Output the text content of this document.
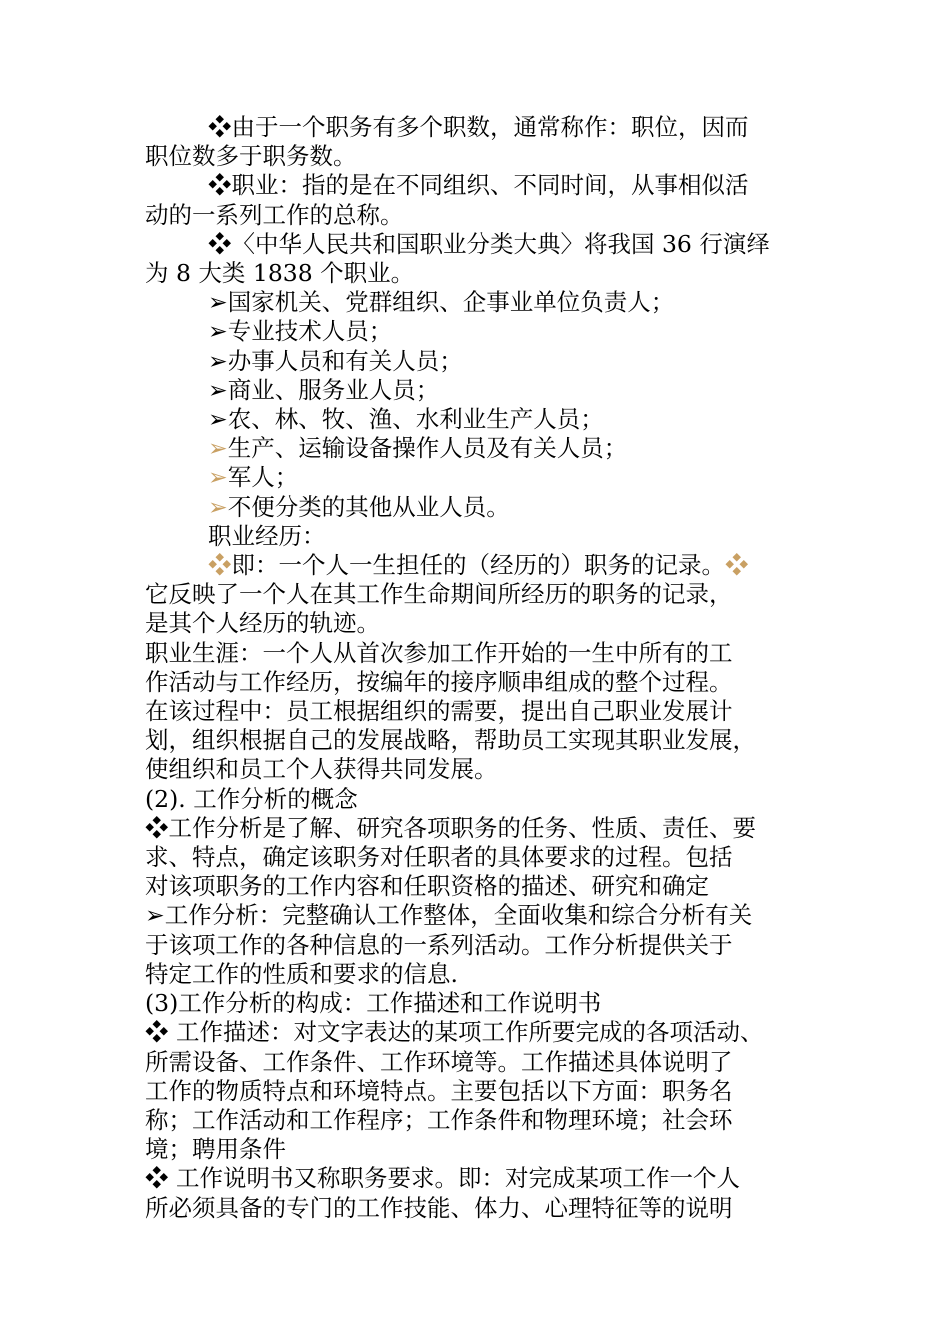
❖由于一个职务有多个职数，通常称作：职位，因而
职位数多于职务数。
❖职业：指的是在不同组织、不同时间，从事相似活
动的一系列工作的总称。
❖〈中华人民共和国职业分类大典〉将我国 36 行演绎
为 8 大类 1838 个职业。
➢国家机关、党群组织、企事业单位负责人；
➢专业技术人员；
➢办事人员和有关人员；
➢商业、服务业人员；
➢农、林、牧、渔、水利业生产人员；
➢生产、运输设备操作人员及有关人员；
➢军人；
➢不便分类的其他从业人员。
职业经历：
❖即：一个人一生担任的（经历的）职务的记录。❖
它反映了一个人在其工作生命期间所经历的职务的记录，
是其个人经历的轨迹。
职业生涯：一个人从首次参加工作开始的一生中所有的工
作活动与工作经历，按编年的接序顺串组成的整个过程。
在该过程中：员工根据组织的需要，提出自己职业发展计
划，组织根据自己的发展战略，帮助员工实现其职业发展，
使组织和员工个人获得共同发展。
(2). 工作分析的概念
❖工作分析是了解、研究各项职务的任务、性质、责任、要
求、特点，确定该职务对任职者的具体要求的过程。包括
对该项职务的工作内容和任职资格的描述、研究和确定
➢工作分析：完整确认工作整体，全面收集和综合分析有关
于该项工作的各种信息的一系列活动。工作分析提供关于
特定工作的性质和要求的信息.
(3)工作分析的构成：工作描述和工作说明书
❖ 工作描述：对文字表达的某项工作所要完成的各项活动、
所需设备、工作条件、工作环境等。工作描述具体说明了
工作的物质特点和环境特点。主要包括以下方面：职务名
称；工作活动和工作程序；工作条件和物理环境；社会环
境；聘用条件
❖ 工作说明书又称职务要求。即：对完成某项工作一个人
所必须具备的专门的工作技能、体力、心理特征等的说明
